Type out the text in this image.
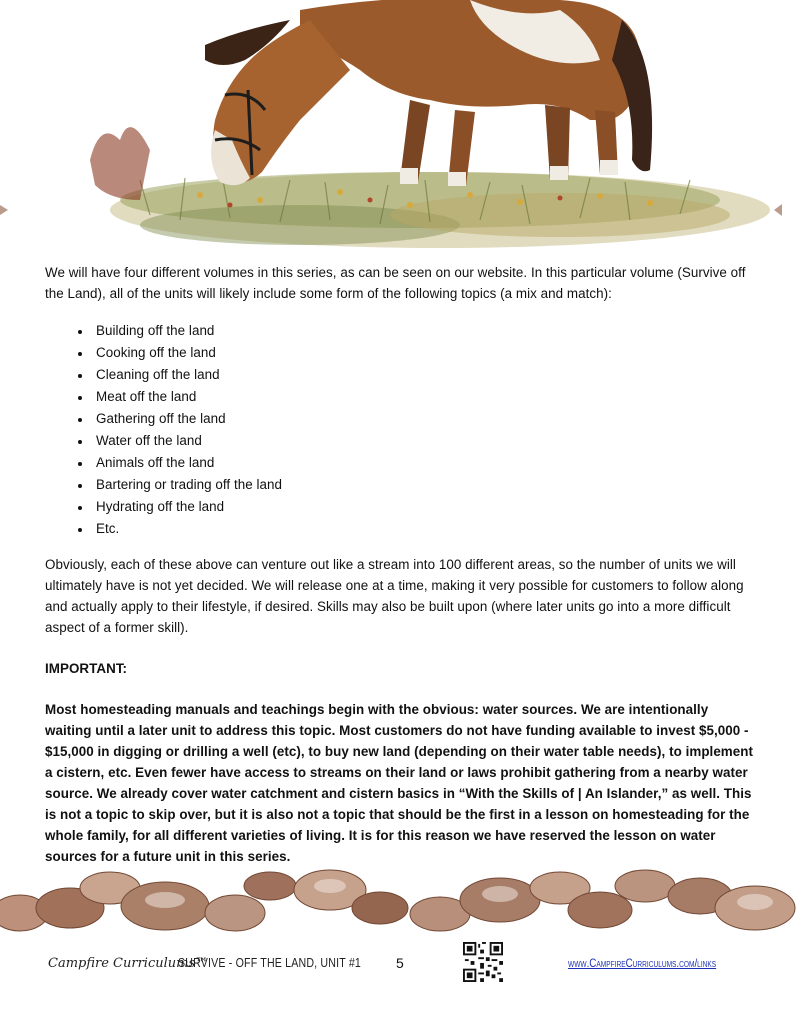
We will have four different volumes in this series, as can be seen on our website. In this particular volume (Survive off the Land), all of the units will likely include some form of the following topics (a mix and match):

• Building off the land
• Cooking off the land
• Cleaning off the land
• Meat off the land
• Gathering off the land
• Water off the land
• Animals off the land
• Bartering or trading off the land
• Hydrating off the land
• Etc.

Obviously, each of these above can venture out like a stream into 100 different areas, so the number of units we will ultimately have is not yet decided. We will release one at a time, making it very possible for customers to follow along and actually apply to their lifestyle, if desired. Skills may also be built upon (where later units go into a more difficult aspect of a former skill).

IMPORTANT:

Most homesteading manuals and teachings begin with the obvious: water sources. We are intentionally waiting until a later unit to address this topic. Most customers do not have funding available to invest $5,000 - $15,000 in digging or drilling a well (etc), to buy new land (depending on their water table needs), to implement a cistern, etc. Even fewer have access to streams on their land or laws prohibit gathering from a nearby water source. We already cover water catchment and cistern basics in “With the Skills of | An Islander,” as well. This is not a topic to skip over, but it is also not a topic that should be the first in a lesson on homesteading for the whole family, for all different varieties of living. It is for this reason we have reserved the lesson on water sources for a future unit in this series.

Campfire Curriculums™
SURVIVE - OFF THE LAND, UNIT #1	5	www.CampfireCurriculums.com/links
